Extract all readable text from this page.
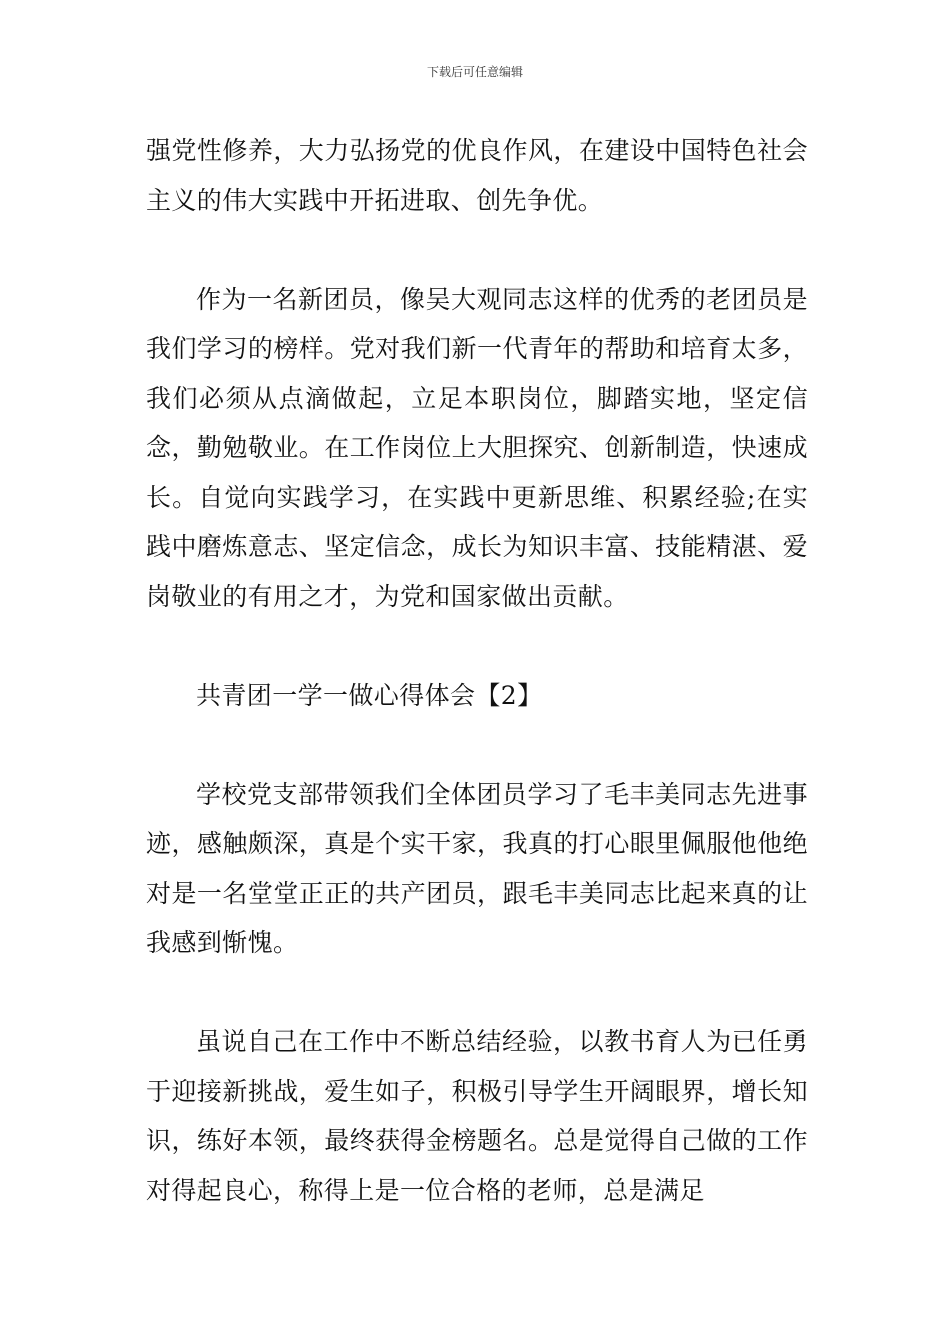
下载后可任意编辑

强党性修养，大力弘扬党的优良作风，在建设中国特色社会主义的伟大实践中开拓进取、创先争优。

作为一名新团员，像吴大观同志这样的优秀的老团员是我们学习的榜样。党对我们新一代青年的帮助和培育太多，我们必须从点滴做起，立足本职岗位，脚踏实地，坚定信念，勤勉敬业。在工作岗位上大胆探究、创新制造，快速成长。自觉向实践学习，在实践中更新思维、积累经验;在实践中磨炼意志、坚定信念，成长为知识丰富、技能精湛、爱岗敬业的有用之才，为党和国家做出贡献。

共青团一学一做心得体会【2】

学校党支部带领我们全体团员学习了毛丰美同志先进事迹，感触颇深，真是个实干家，我真的打心眼里佩服他他绝对是一名堂堂正正的共产团员，跟毛丰美同志比起来真的让我感到惭愧。

虽说自己在工作中不断总结经验，以教书育人为已任勇于迎接新挑战，爱生如子，积极引导学生开阔眼界，增长知识，练好本领，最终获得金榜题名。总是觉得自己做的工作对得起良心，称得上是一位合格的老师，总是满足
